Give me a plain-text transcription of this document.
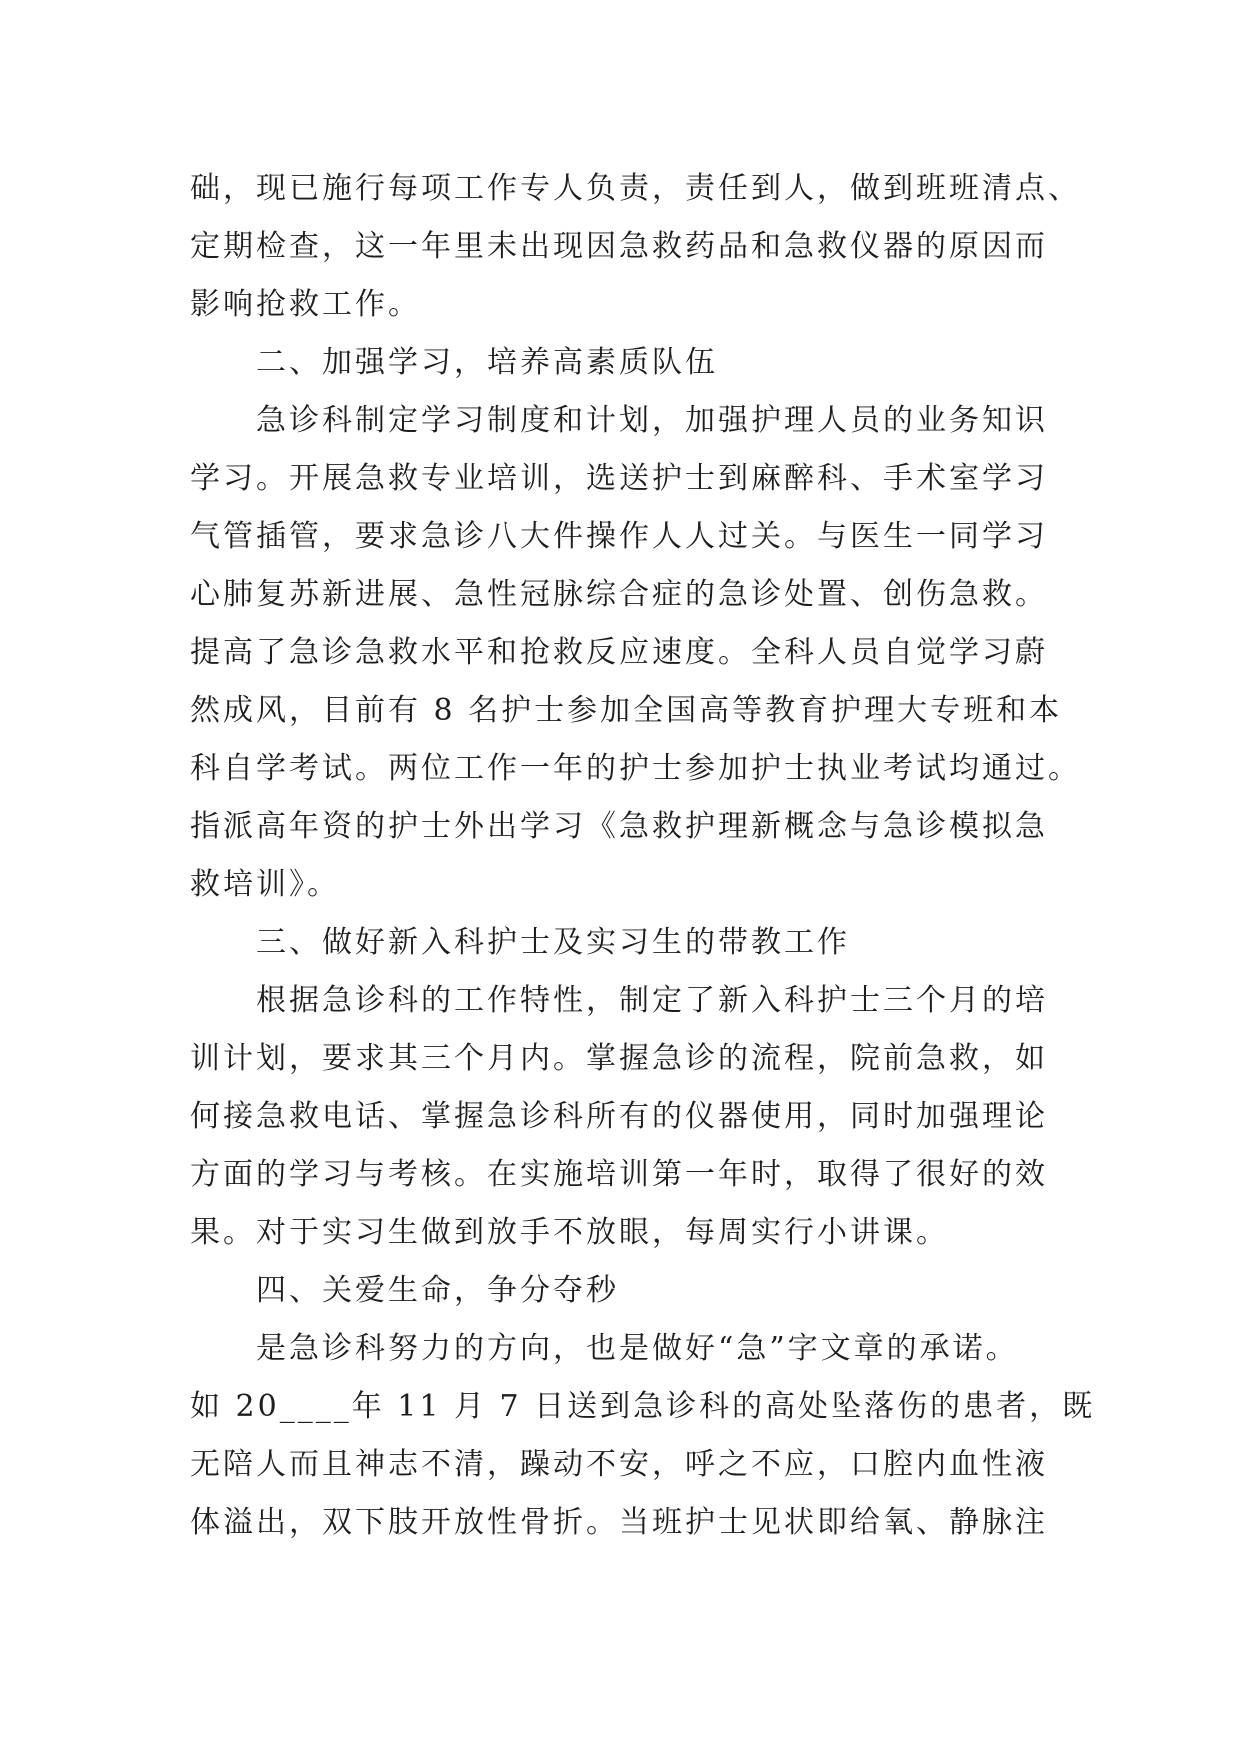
础，现已施行每项工作专人负责，责任到人，做到班班清点、
定期检查，这一年里未出现因急救药品和急救仪器的原因而
影响抢救工作。
　　二、加强学习，培养高素质队伍
　　急诊科制定学习制度和计划，加强护理人员的业务知识
学习。开展急救专业培训，选送护士到麻醉科、手术室学习
气管插管，要求急诊八大件操作人人过关。与医生一同学习
心肺复苏新进展、急性冠脉综合症的急诊处置、创伤急救。
提高了急诊急救水平和抢救反应速度。全科人员自觉学习蔚
然成风，目前有 8 名护士参加全国高等教育护理大专班和本
科自学考试。两位工作一年的护士参加护士执业考试均通过。
指派高年资的护士外出学习《急救护理新概念与急诊模拟急
救培训》。
　　三、做好新入科护士及实习生的带教工作
　　根据急诊科的工作特性，制定了新入科护士三个月的培
训计划，要求其三个月内。掌握急诊的流程，院前急救，如
何接急救电话、掌握急诊科所有的仪器使用，同时加强理论
方面的学习与考核。在实施培训第一年时，取得了很好的效
果。对于实习生做到放手不放眼，每周实行小讲课。
　　四、关爱生命，争分夺秒
　　是急诊科努力的方向，也是做好“急”字文章的承诺。
如 20____年 11 月 7 日送到急诊科的高处坠落伤的患者，既
无陪人而且神志不清，躁动不安，呼之不应，口腔内血性液
体溢出，双下肢开放性骨折。当班护士见状即给氧、静脉注
